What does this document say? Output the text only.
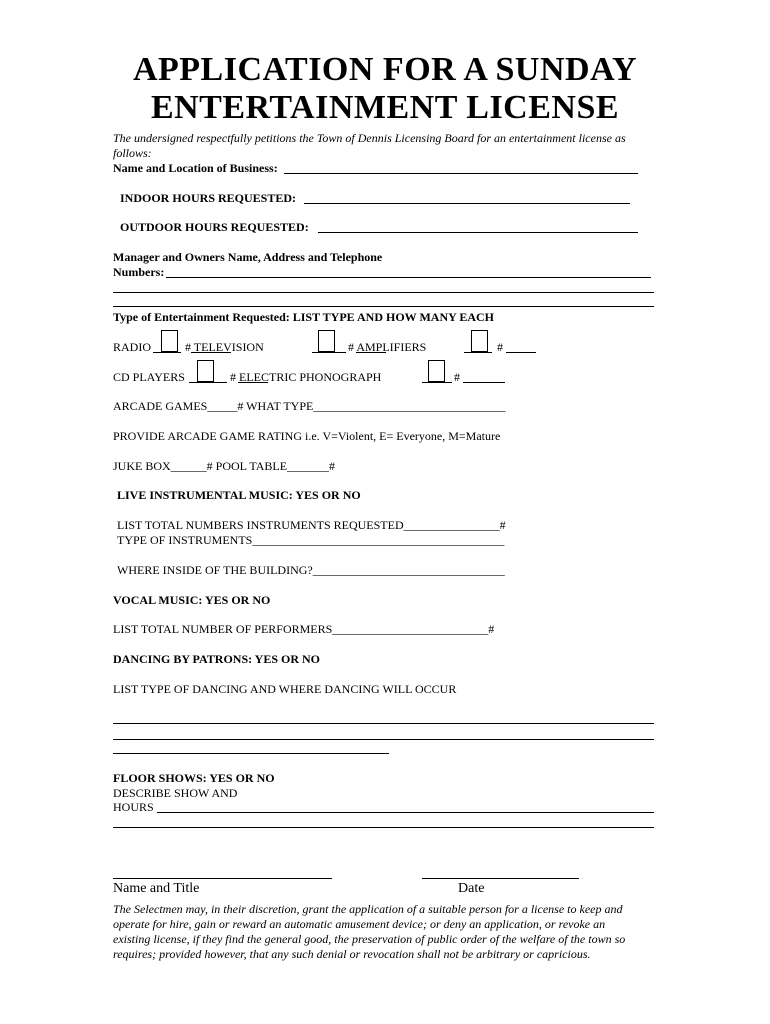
APPLICATION FOR A SUNDAY
ENTERTAINMENT LICENSE
The undersigned respectfully petitions the Town of Dennis Licensing Board for an entertainment license as
follows:
Name and Location of Business:
INDOOR HOURS REQUESTED:
OUTDOOR HOURS REQUESTED:
Manager and Owners Name, Address and Telephone
Numbers:
Type of Entertainment Requested: LIST TYPE AND HOW MANY EACH
RADIO	# TELEVISION	# AMPLIFIERS	#
CD PLAYERS	# ELECTRIC PHONOGRAPH	#
ARCADE GAMES_____# WHAT TYPE________________________________
PROVIDE ARCADE GAME RATING i.e. V=Violent, E= Everyone, M=Mature
JUKE BOX______# POOL TABLE_______#
LIVE INSTRUMENTAL MUSIC: YES OR NO
LIST TOTAL NUMBERS INSTRUMENTS REQUESTED________________#
TYPE OF INSTRUMENTS__________________________________________
WHERE INSIDE OF THE BUILDING?________________________________
VOCAL MUSIC: YES OR NO
LIST TOTAL NUMBER OF PERFORMERS__________________________#
DANCING BY PATRONS: YES OR NO
LIST TYPE OF DANCING AND WHERE DANCING WILL OCCUR
FLOOR SHOWS: YES OR NO
DESCRIBE SHOW AND
HOURS
Name and Title	Date
The Selectmen may, in their discretion, grant the application of a suitable person for a license to keep and
operate for hire, gain or reward an automatic amusement device; or deny an application, or revoke an
existing license, if they find the general good, the preservation of public order of the welfare of the town so
requires; provided however, that any such denial or revocation shall not be arbitrary or capricious.
